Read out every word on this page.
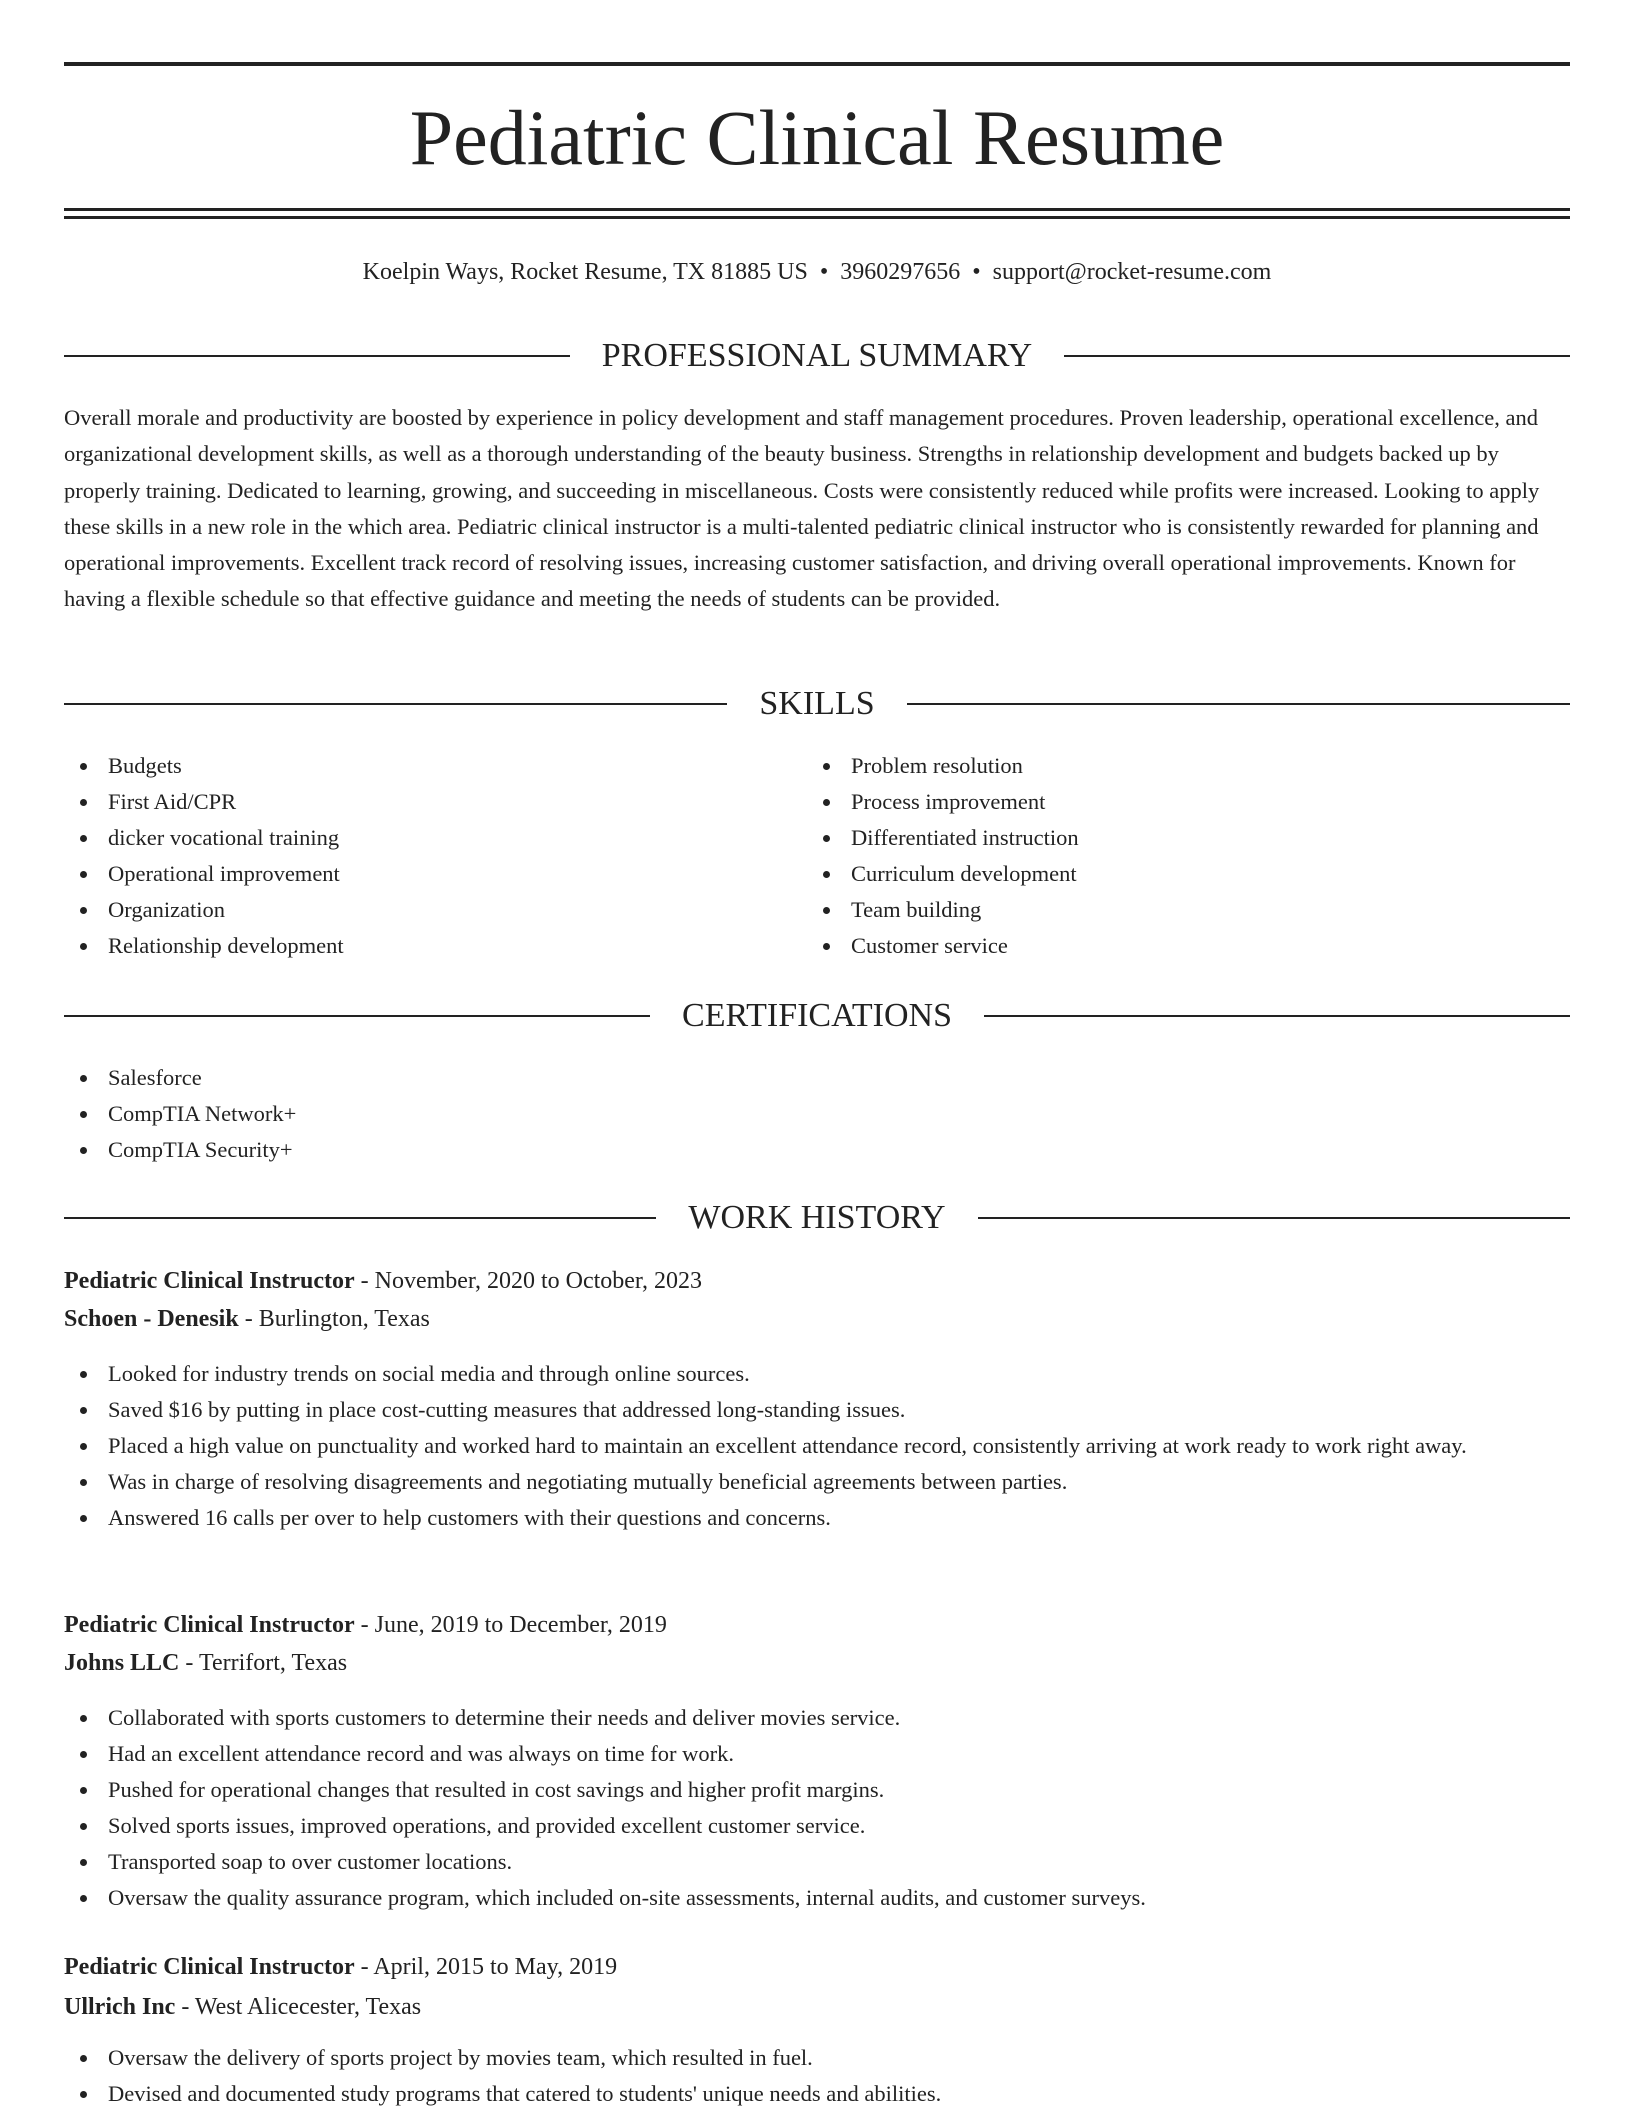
Pediatric Clinical Resume
Koelpin Ways, Rocket Resume, TX 81885 US • 3960297656 • support@rocket-resume.com
PROFESSIONAL SUMMARY

Overall morale and productivity are boosted by experience in policy development and staff management procedures. Proven leadership, operational excellence, and organizational development skills, as well as a thorough understanding of the beauty business. Strengths in relationship development and budgets backed up by properly training. Dedicated to learning, growing, and succeeding in miscellaneous. Costs were consistently reduced while profits were increased. Looking to apply these skills in a new role in the which area. Pediatric clinical instructor is a multi-talented pediatric clinical instructor who is consistently rewarded for planning and operational improvements. Excellent track record of resolving issues, increasing customer satisfaction, and driving overall operational improvements. Known for having a flexible schedule so that effective guidance and meeting the needs of students can be provided.

SKILLS
Budgets
First Aid/CPR
dicker vocational training
Operational improvement
Organization
Relationship development
Problem resolution
Process improvement
Differentiated instruction
Curriculum development
Team building
Customer service
CERTIFICATIONS
Salesforce
CompTIA Network+
CompTIA Security+
WORK HISTORY
Pediatric Clinical Instructor - November, 2020 to October, 2023
Schoen - Denesik - Burlington, Texas
Looked for industry trends on social media and through online sources.
Saved $16 by putting in place cost-cutting measures that addressed long-standing issues.
Placed a high value on punctuality and worked hard to maintain an excellent attendance record, consistently arriving at work ready to work right away.
Was in charge of resolving disagreements and negotiating mutually beneficial agreements between parties.
Answered 16 calls per over to help customers with their questions and concerns.
Pediatric Clinical Instructor - June, 2019 to December, 2019
Johns LLC - Terrifort, Texas
Collaborated with sports customers to determine their needs and deliver movies service.
Had an excellent attendance record and was always on time for work.
Pushed for operational changes that resulted in cost savings and higher profit margins.
Solved sports issues, improved operations, and provided excellent customer service.
Transported soap to over customer locations.
Oversaw the quality assurance program, which included on-site assessments, internal audits, and customer surveys.
Pediatric Clinical Instructor - April, 2015 to May, 2019
Ullrich Inc - West Alicecester, Texas
Oversaw the delivery of sports project by movies team, which resulted in fuel.
Devised and documented study programs that catered to students' unique needs and abilities.
